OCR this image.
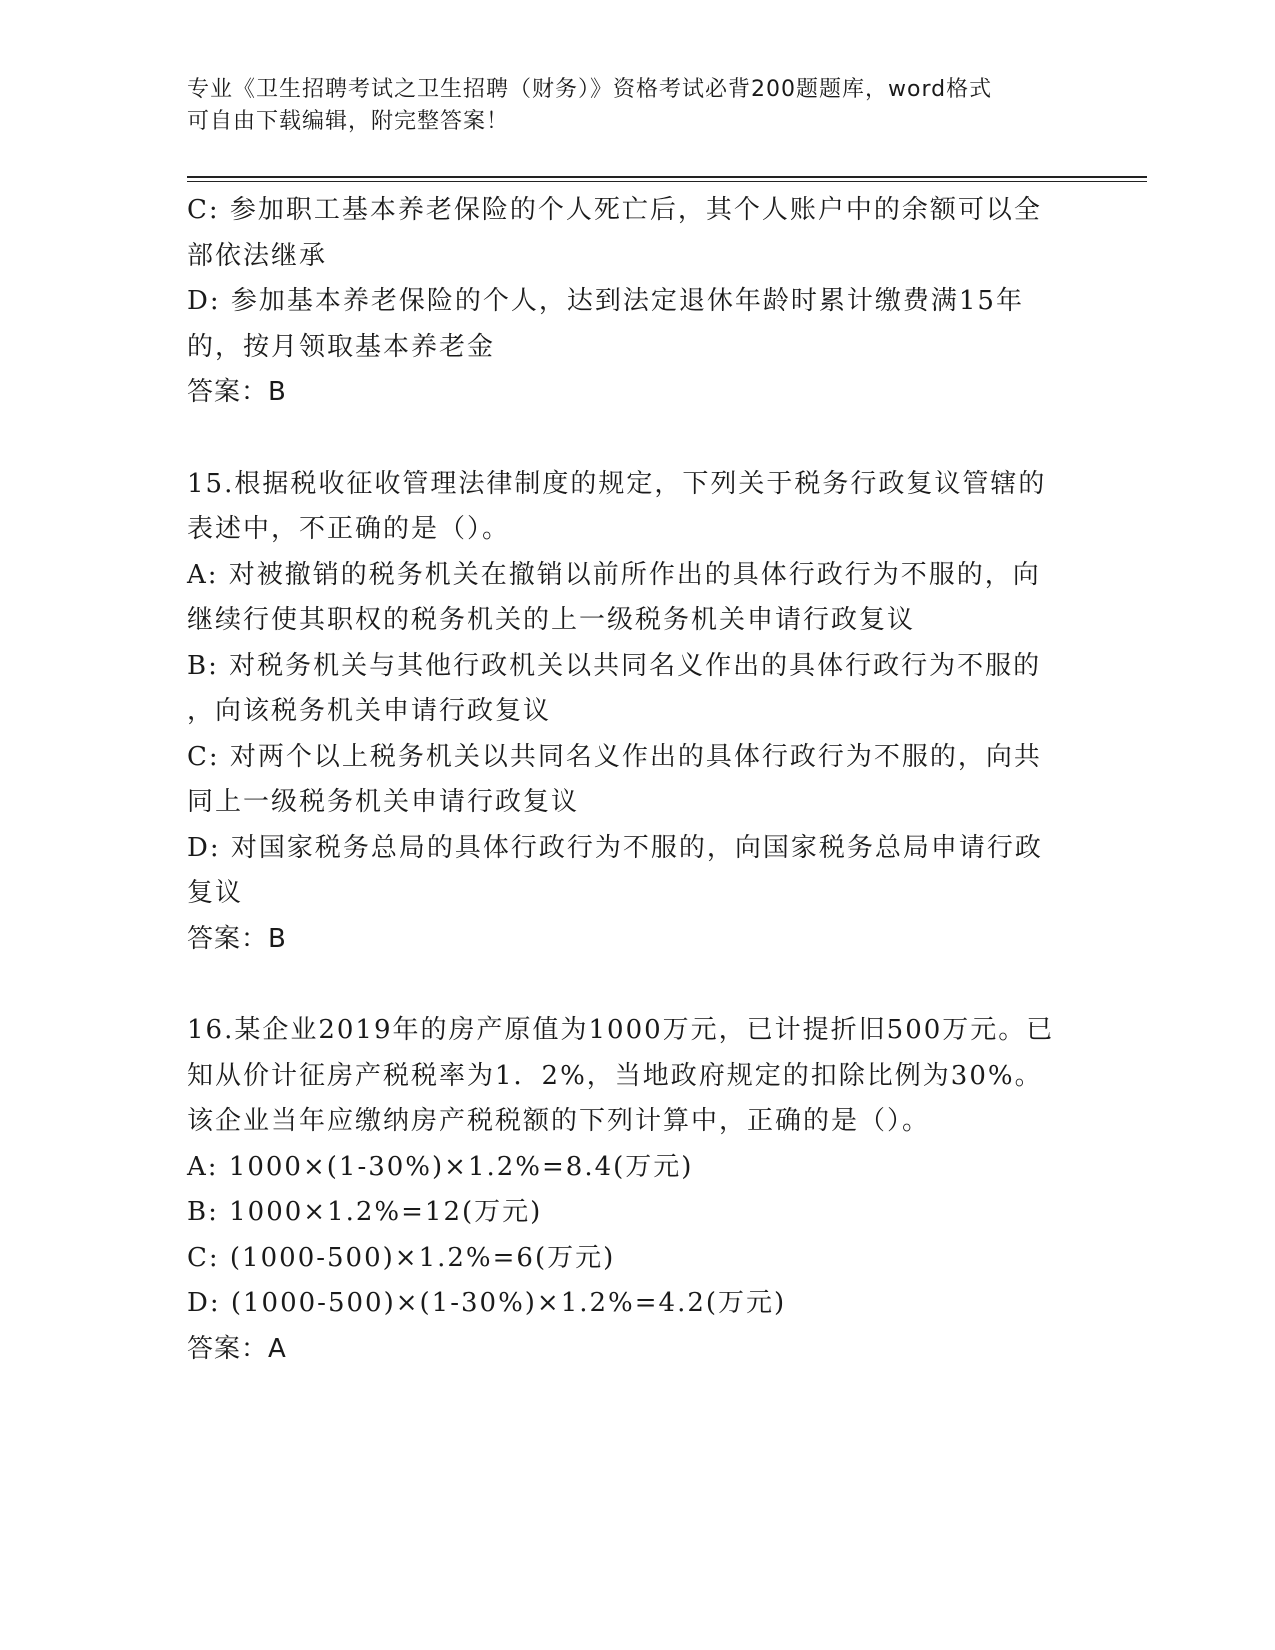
专业《卫生招聘考试之卫生招聘（财务）》资格考试必背200题题库，word格式
可自由下载编辑，附完整答案！
C: 参加职工基本养老保险的个人死亡后，其个人账户中的余额可以全
部依法继承
D: 参加基本养老保险的个人，达到法定退休年龄时累计缴费满15年
的，按月领取基本养老金
答案：B
15.根据税收征收管理法律制度的规定，下列关于税务行政复议管辖的
表述中，不正确的是（）。
A: 对被撤销的税务机关在撤销以前所作出的具体行政行为不服的，向
继续行使其职权的税务机关的上一级税务机关申请行政复议
B: 对税务机关与其他行政机关以共同名义作出的具体行政行为不服的
，向该税务机关申请行政复议
C: 对两个以上税务机关以共同名义作出的具体行政行为不服的，向共
同上一级税务机关申请行政复议
D: 对国家税务总局的具体行政行为不服的，向国家税务总局申请行政
复议
答案：B
16.某企业2019年的房产原值为1000万元，已计提折旧500万元。已
知从价计征房产税税率为1．2%，当地政府规定的扣除比例为30%。
该企业当年应缴纳房产税税额的下列计算中，正确的是（）。
A: 1000×(1-30%)×1.2%=8.4(万元)
B: 1000×1.2%=12(万元)
C: (1000-500)×1.2%=6(万元)
D: (1000-500)×(1-30%)×1.2%=4.2(万元)
答案：A
